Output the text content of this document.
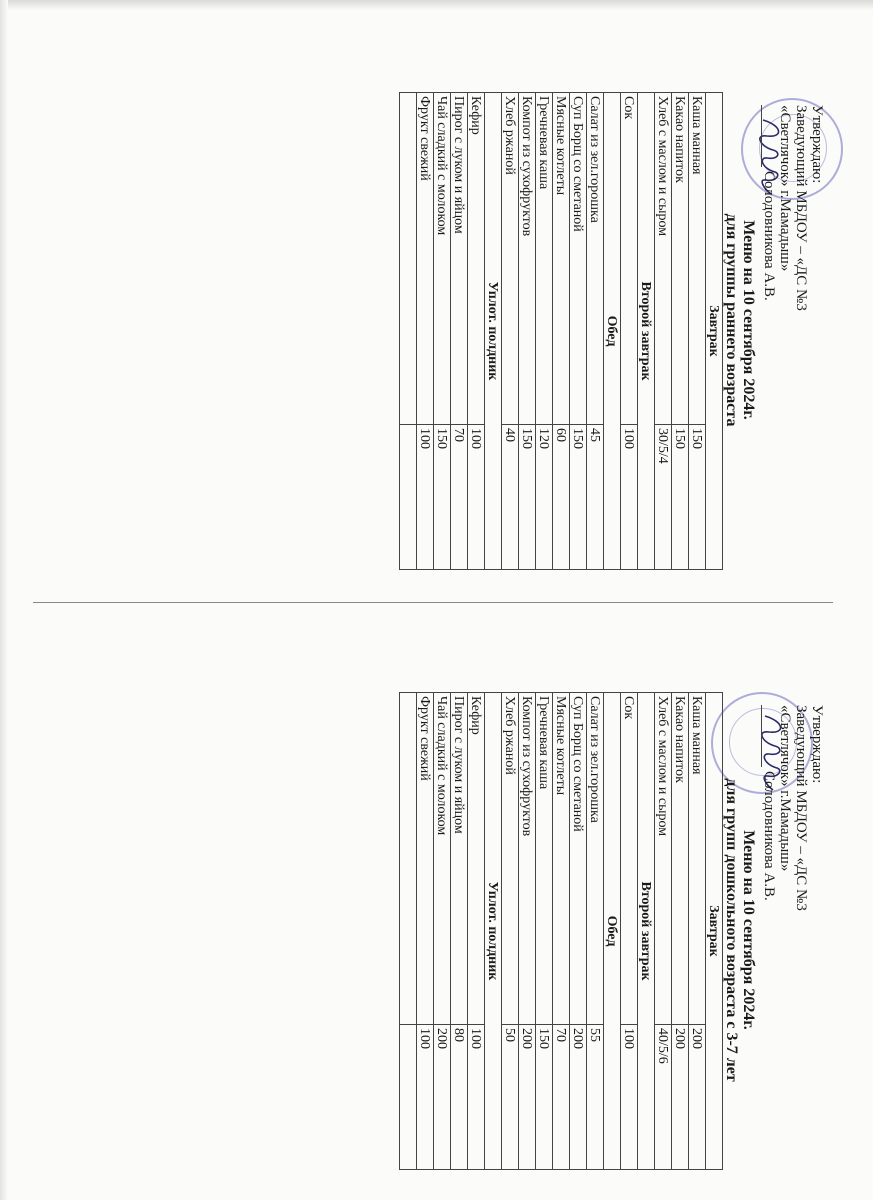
Утверждаю:
Заведующий МБДОУ – «ДС №3
«Светлячок» г.Мамадыш»
Солодовникова А.В.
Меню на 10 сентября 2024г.
для группы раннего возраста
Завтрак	
Каша манная	150
Какао напиток	150
Хлеб с маслом и сыром	30/5/4
Второй завтрак	
Сок	100
Обед	
Салат из зел.горошка	45
Суп Борщ со сметаной	150
Мясные котлеты	60
Гречневая каша	120
Компот из сухофруктов	150
Хлеб ржаной	40
Уплот. полдник	
Кефир	100
Пирог с луком и яйцом	70
Чай сладкий с молоком	150
Фрукт свежий	100

Утверждаю:
Заведующий МБДОУ – «ДС №3
«Светлячок» г.Мамадыш»
Солодовникова А.В.
Меню на 10 сентября 2024г.
для групп дошкольного возраста с 3-7 лет
Завтрак	
Каша манная	200
Какао напиток	200
Хлеб с маслом и сыром	40/5/6
Второй завтрак	
Сок	100
Обед	
Салат из зел.горошка	55
Суп Борщ со сметаной	200
Мясные котлеты	70
Гречневая каша	150
Компот из сухофруктов	200
Хлеб ржаной	50
Уплот. полдник	
Кефир	100
Пирог с луком и яйцом	80
Чай сладкий с молоком	200
Фрукт свежий	100
